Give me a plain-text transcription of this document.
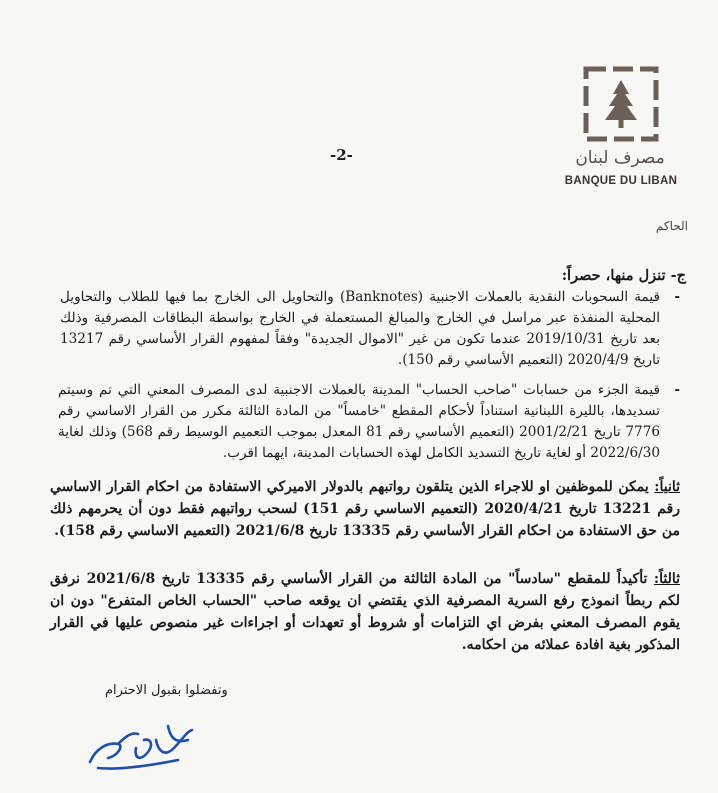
مصرف لبنان
BANQUE DU LIBAN
-2-
الحاكم
ج- تنزل منها، حصراً:
-
قيمة السحوبات النقدية بالعملات الاجنبية (Banknotes) والتحاويل الى الخارج بما فيها للطلاب والتحاويل المحلية المنفذة عبر مراسل في الخارج والمبالغ المستعملة في الخارج بواسطة البطاقات المصرفية وذلك بعد تاريخ 2019/10/31 عندما تكون من غير "الاموال الجديدة" وفقاً لمفهوم القرار الأساسي رقم 13217 تاريخ 2020/4/9 (التعميم الأساسي رقم 150).
-
قيمة الجزء من حسابات "صاحب الحساب" المدينة بالعملات الاجنبية لدى المصرف المعني التي تم وسيتم تسديدها، بالليرة اللبنانية استناداً لأحكام المقطع "خامساً" من المادة الثالثة مكرر من القرار الاساسي رقم 7776 تاريخ 2001/2/21 (التعميم الأساسي رقم 81 المعدل بموجب التعميم الوسيط رقم 568) وذلك لغاية 2022/6/30 أو لغاية تاريخ التسديد الكامل لهذه الحسابات المدينة، ايهما اقرب.
ثانياً: يمكن للموظفين او للاجراء الذين يتلقون رواتبهم بالدولار الاميركي الاستفادة من احكام القرار الاساسي رقم 13221 تاريخ 2020/4/21 (التعميم الاساسي رقم 151) لسحب رواتبهم فقط دون أن يحرمهم ذلك من حق الاستفادة من احكام القرار الأساسي رقم 13335 تاريخ 2021/6/8 (التعميم الاساسي رقم 158).
ثالثاً: تأكيداً للمقطع "سادساً" من المادة الثالثة من القرار الأساسي رقم 13335 تاريخ 2021/6/8 نرفق لكم ربطاً انموذج رفع السرية المصرفية الذي يقتضي ان يوقعه صاحب "الحساب الخاص المتفرع" دون ان يقوم المصرف المعني بفرض اي التزامات أو شروط أو تعهدات أو اجراءات غير منصوص عليها في القرار المذكور بغية افادة عملائه من احكامه.
وتفضلوا بقبول الاحترام
